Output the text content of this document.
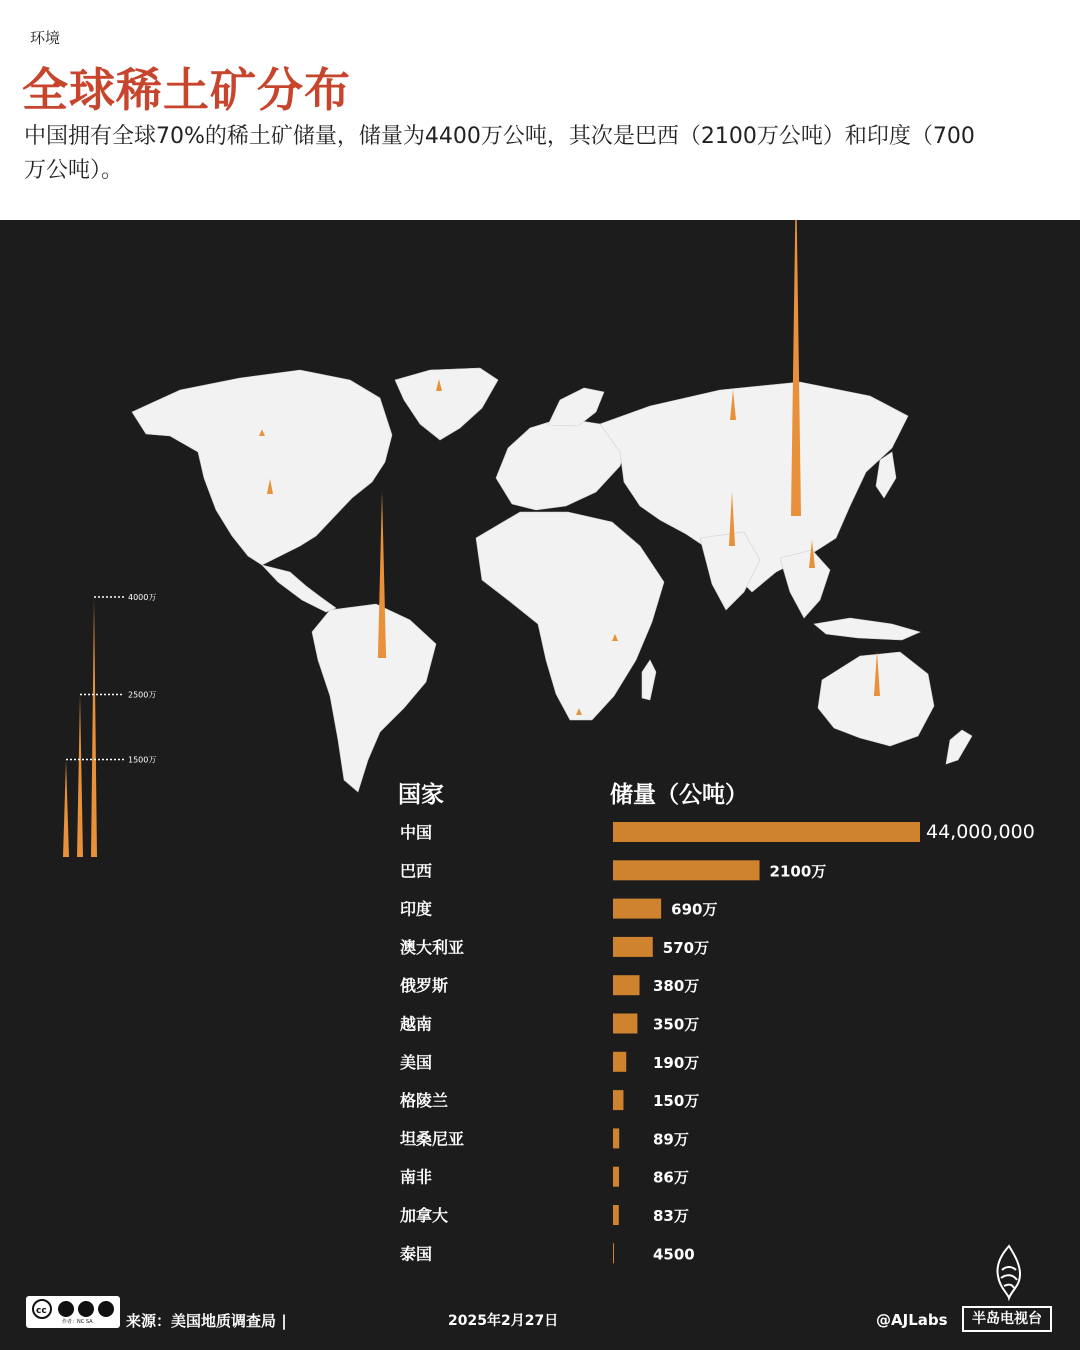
环境
全球稀土矿分布
中国拥有全球70%的稀土矿储量，储量为4400万公吨，其次是巴西（2100万公吨）和印度（700万公吨）。
4000万
2500万
1500万
国家	储量（公吨）
中国	44,000,000
巴西	2100万
印度	690万
澳大利亚	570万
俄罗斯	380万
越南	350万
美国	190万
格陵兰	150万
坦桑尼亚	89万
南非	86万
加拿大	83万
泰国	4500
cc
作者：NC SA 来源：美国地质调查局 |	2025年2月27日	@AJLabs	半岛电视台
